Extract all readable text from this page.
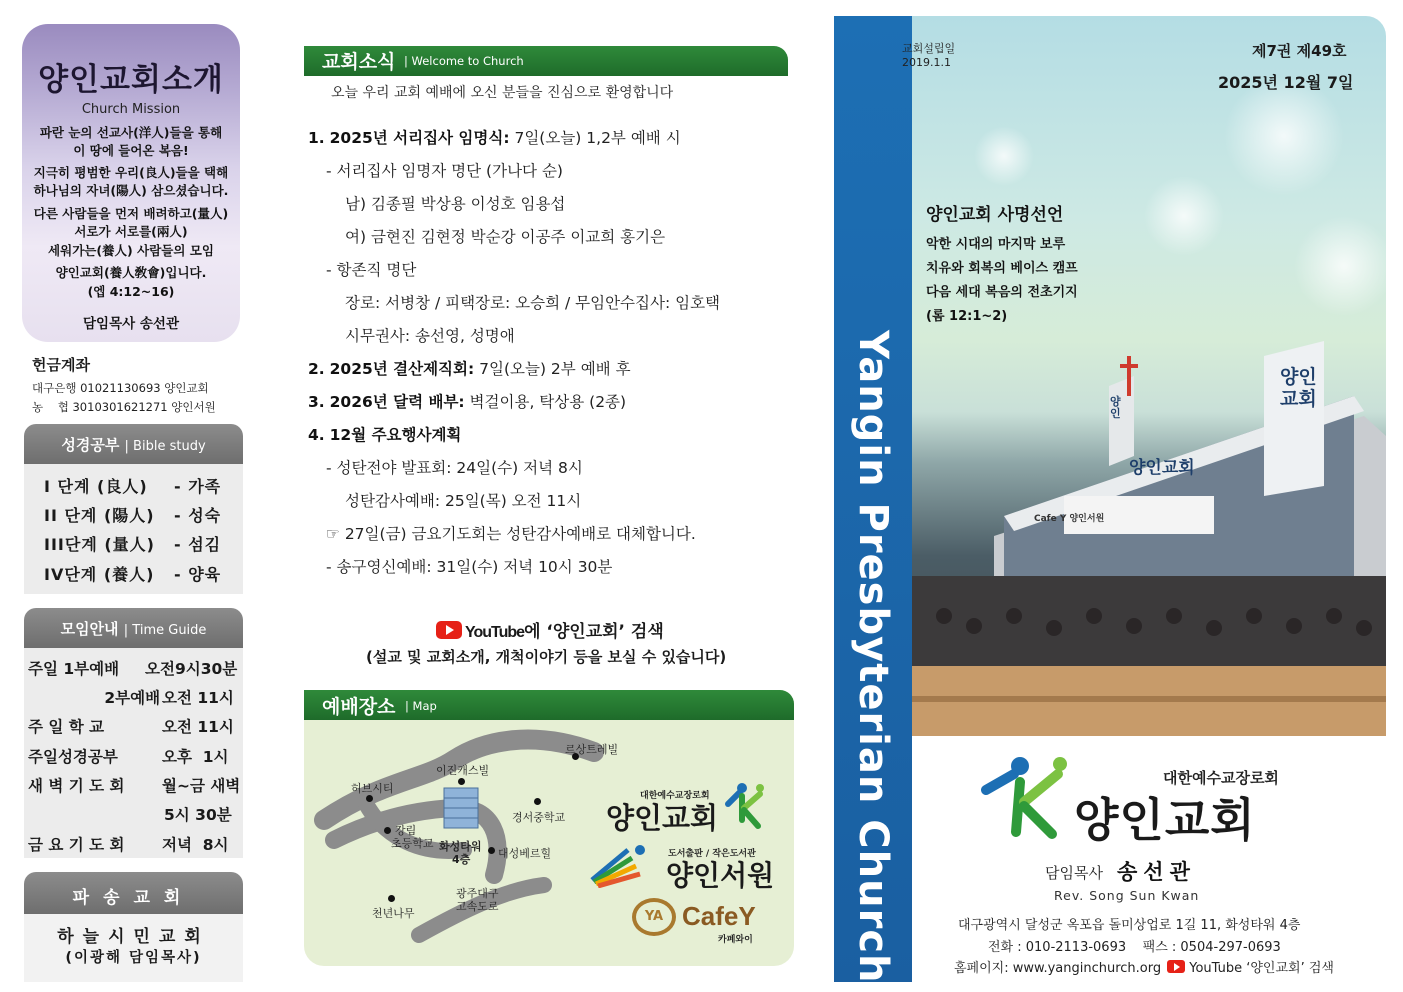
양인교회소개
Church Mission
파란 눈의 선교사(洋人)들을 통해
이 땅에 들어온 복음!
지극히 평범한 우리(良人)들을 택해
하나님의 자녀(陽人) 삼으셨습니다.
다른 사람들을 먼저 배려하고(量人)
서로가 서로를(兩人)
세워가는(養人) 사람들의 모임
양인교회(養人敎會)입니다.
(엡 4:12~16)
담임목사 송선관
헌금계좌
대구은행 01021130693 양인교회
농    협 3010301621271 양인서원
성경공부 | Bible study
I 단계 (良人) - 가족
II 단계 (陽人) - 성숙
III단계 (量人) - 섬김
IV단계 (養人) - 양육
모임안내 | Time Guide
주일 1부예배 오전9시30분
2부예배 오전 11시
주 일 학 교	오전 11시
주일성경공부	오후  1시
새 벽 기 도 회 월~금 새벽
5시 30분
금 요 기 도 회 저녁  8시
파송교회
하늘시민교회
(이광해 담임목사)
교회소식 | Welcome to Church
오늘 우리 교회 예배에 오신 분들을 진심으로 환영합니다
1. 2025년 서리집사 임명식: 7일(오늘) 1,2부 예배 시
- 서리집사 임명자 명단 (가나다 순)
남) 김종필 박상용 이성호 임용섭
여) 금현진 김현정 박순강 이공주 이교희 홍기은
- 항존직 명단
장로: 서병창 / 피택장로: 오승희 / 무임안수집사: 임호택
시무권사: 송선영, 성명애
2. 2025년 결산제직회: 7일(오늘) 2부 예배 후
3. 2026년 달력 배부: 벽걸이용, 탁상용 (2종)
4. 12월 주요행사계획
- 성탄전야 발표회: 24일(수) 저녁 8시
성탄감사예배: 25일(목) 오전 11시
☞ 27일(금) 금요기도회는 성탄감사예배로 대체합니다.
- 송구영신예배: 31일(수) 저녁 10시 30분
YouTube에 ‘양인교회’ 검색
(설교 및 교회소개, 개척이야기 등을 보실 수 있습니다)
예배장소 | Map
허브시티
이진캐스빌
르상트레빌
강림
초등학교
경서중학교
화성타워
4층	대성베르힐
광주대구
고속도로
천년나무
대한예수교장로회
양인교회
도서출판 / 작은도서관
양인서원
YA CafeY
카페와이
양인교회
양인
양인
교회
Cafe Y 양인서원
Yangin Presbyterian Church
교회설립일
2019.1.1
제7권 제49호
2025년 12월 7일
양인교회 사명선언
악한 시대의 마지막 보루
치유와 회복의 베이스 캠프
다음 세대 복음의 전초기지
(롬 12:1~2)
대한예수교장로회
양인교회
담임목사 송선관
Rev. Song Sun Kwan
대구광역시 달성군 옥포읍 돌미상업로 1길 11, 화성타워 4층
전화 : 010-2113-0693    팩스 : 0504-297-0693
홈페이지: www.yanginchurch.org YouTube ‘양인교회’ 검색
